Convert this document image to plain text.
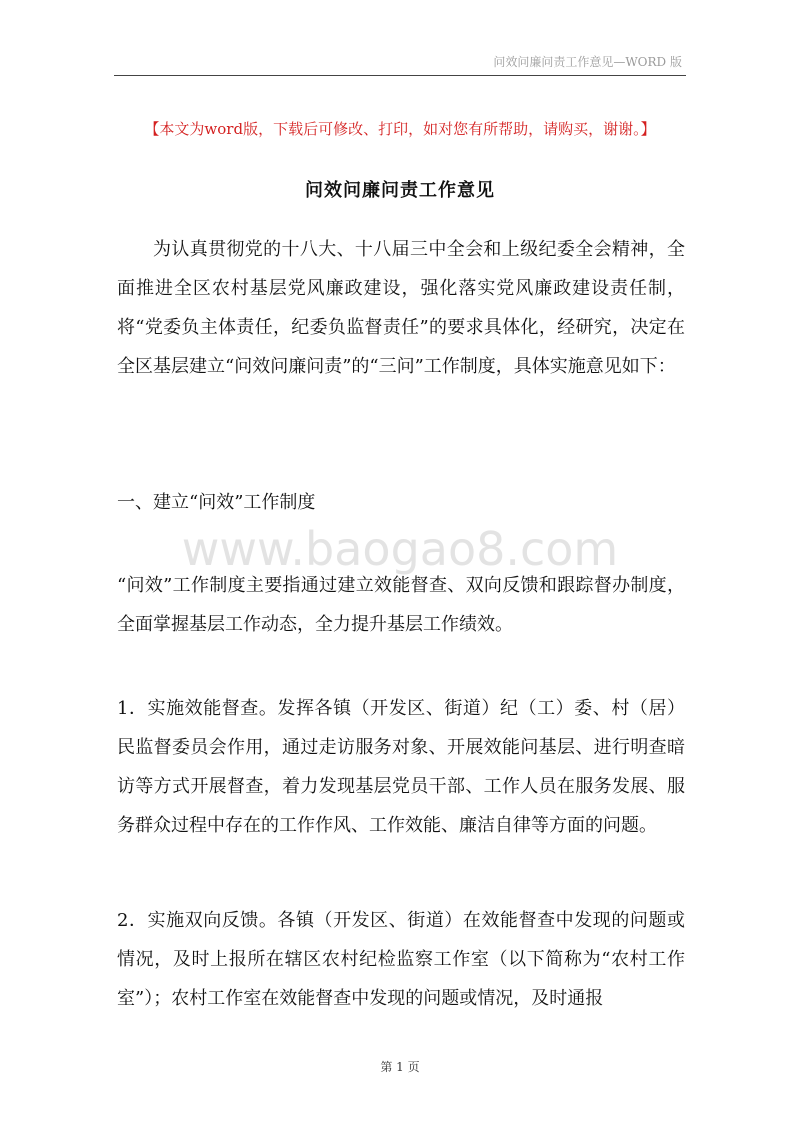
问效问廉问责工作意见—WORD 版
【本文为word版，下载后可修改、打印，如对您有所帮助，请购买，谢谢。】
问效问廉问责工作意见

为认真贯彻党的十八大、十八届三中全会和上级纪委全会精神，全面推进全区农村基层党风廉政建设，强化落实党风廉政建设责任制，将“党委负主体责任，纪委负监督责任”的要求具体化，经研究，决定在全区基层建立“问效问廉问责”的“三问”工作制度，具体实施意见如下：

一、建立“问效”工作制度

www.baogao8.com

“问效”工作制度主要指通过建立效能督查、双向反馈和跟踪督办制度，全面掌握基层工作动态，全力提升基层工作绩效。

1．实施效能督查。发挥各镇（开发区、街道）纪（工）委、村（居）民监督委员会作用，通过走访服务对象、开展效能问基层、进行明查暗访等方式开展督查，着力发现基层党员干部、工作人员在服务发展、服务群众过程中存在的工作作风、工作效能、廉洁自律等方面的问题。

2．实施双向反馈。各镇（开发区、街道）在效能督查中发现的问题或情况，及时上报所在辖区农村纪检监察工作室（以下简称为“农村工作室”）；农村工作室在效能督查中发现的问题或情况，及时通报

第 1 页
